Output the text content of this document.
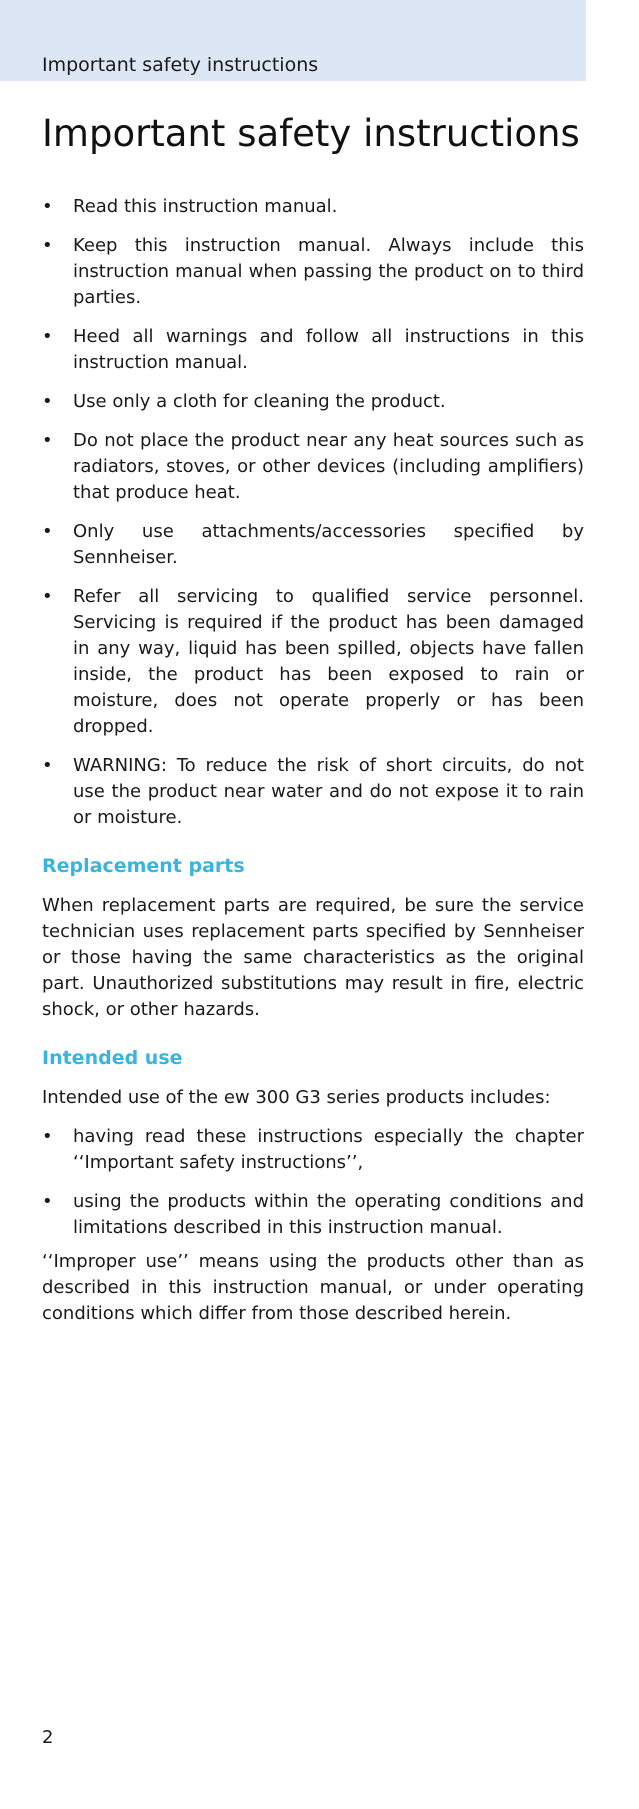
Important safety instructions
Important safety instructions
• Read this instruction manual.
• Keep this instruction manual. Always include this instruction manual when passing the product on to third parties.
• Heed all warnings and follow all instructions in this instruction manual.
• Use only a cloth for cleaning the product.
• Do not place the product near any heat sources such as radiators, stoves, or other devices (including amplifiers) that produce heat.
• Only use attachments/accessories specified by Sennheiser.
• Refer all servicing to qualified service personnel. Servicing is required if the product has been damaged in any way, liquid has been spilled, objects have fallen inside, the product has been exposed to rain or moisture, does not operate properly or has been dropped.
• WARNING: To reduce the risk of short circuits, do not use the product near water and do not expose it to rain or moisture.
Replacement parts

When replacement parts are required, be sure the service technician uses replacement parts specified by Sennheiser or those having the same characteristics as the original part. Unauthorized substitutions may result in fire, electric shock, or other hazards.

Intended use

Intended use of the ew 300 G3 series products includes:

• having read these instructions especially the chapter ‘‘Important safety instructions’’,
• using the products within the operating conditions and limitations described in this instruction manual.

‘‘Improper use’’ means using the products other than as described in this instruction manual, or under operating conditions which differ from those described herein.

2
